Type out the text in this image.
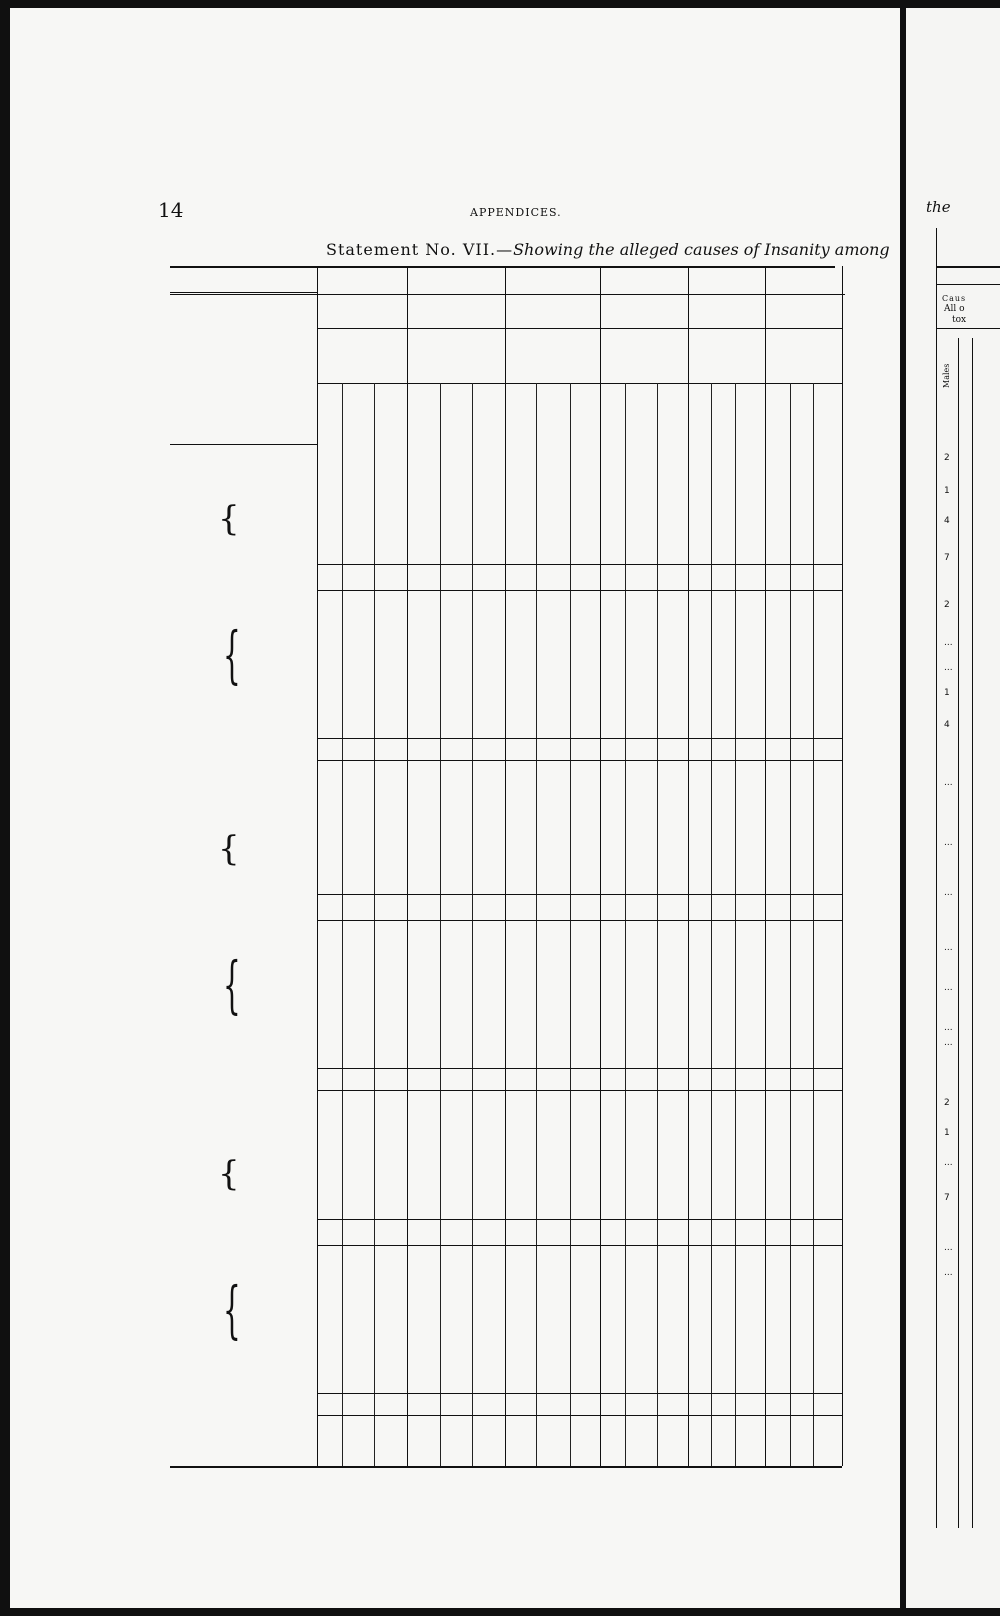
14	APPENDICES.
Statement No. VII.—Showing the alleged causes of Insanity among
{
{
{
{
{
{
the
Caus
All o
tox
Males
2
1
4
7
2
...
...
1
4
...
...
...
...
...
...
...
2
1
...
7
...
...
